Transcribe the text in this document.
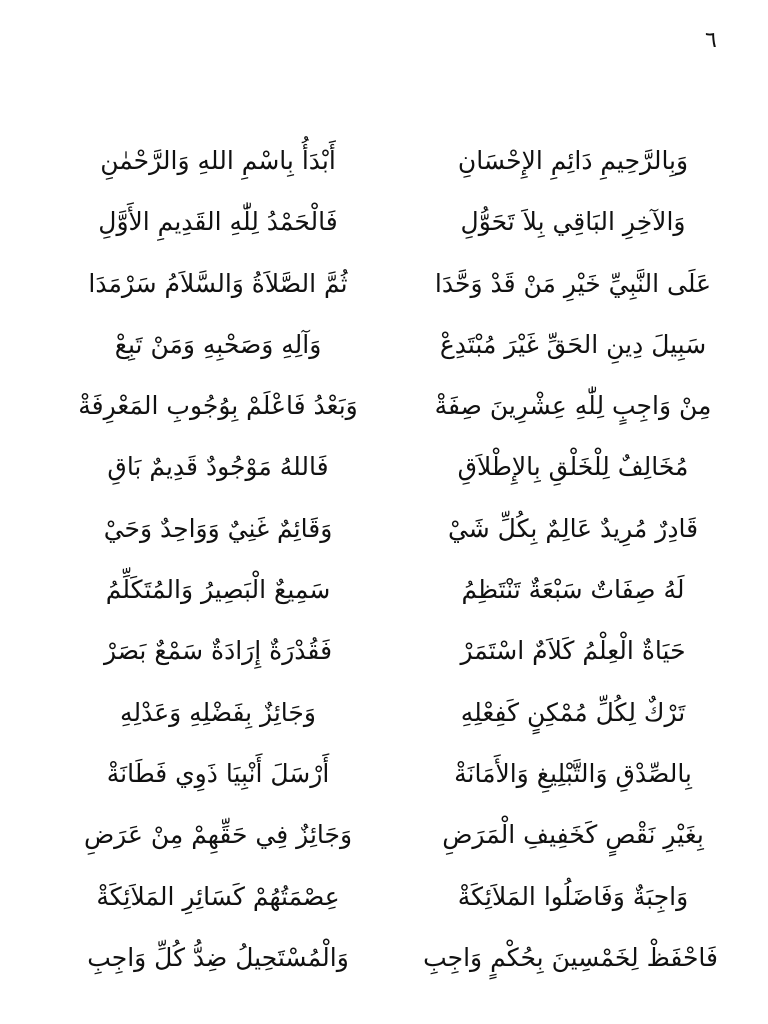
٦
أَبْدَأُ بِاسْمِ اللهِ وَالرَّحْمٰنِ	وَبِالرَّحِيمِ دَائِمِ الإِحْسَانِ
فَالْحَمْدُ لِلّٰهِ القَدِيمِ الأَوَّلِ	وَالآخِرِ البَاقِي بِلاَ تَحَوُّلِ
ثُمَّ الصَّلاَةُ وَالسَّلاَمُ سَرْمَدَا	عَلَى النَّبِيِّ خَيْرِ مَنْ قَدْ وَحَّدَا
وَآلِهِ وَصَحْبِهِ وَمَنْ تَبِعْ	سَبِيلَ دِينِ الحَقِّ غَيْرَ مُبْتَدِعْ
وَبَعْدُ فَاعْلَمْ بِوُجُوبِ المَعْرِفَةْ	مِنْ وَاجِبٍ لِلّٰهِ عِشْرِينَ صِفَةْ
فَاللهُ مَوْجُودٌ قَدِيمٌ بَاقِ	مُخَالِفٌ لِلْخَلْقِ بِالإِطْلاَقِ
وَقَائِمٌ غَنِيٌ وَوَاحِدٌ وَحَيْ	قَادِرٌ مُرِيدٌ عَالِمٌ بِكُلِّ شَيْ
سَمِيعٌ الْبَصِيرُ وَالمُتَكَلِّمُ	لَهُ صِفَاتٌ سَبْعَةٌ تَنْتَظِمُ
فَقُدْرَةٌ إِرَادَةٌ سَمْعٌ بَصَرْ	حَيَاةٌ الْعِلْمُ كَلاَمٌ اسْتَمَرْ
وَجَائِزٌ بِفَضْلِهِ وَعَدْلِهِ	تَرْكٌ لِكُلِّ مُمْكِنٍ كَفِعْلِهِ
أَرْسَلَ أَنْبِيَا ذَوِي فَطَانَةْ	بِالصِّدْقِ وَالتَّبْلِيغِ وَالأَمَانَةْ
وَجَائِزٌ فِي حَقِّهِمْ مِنْ عَرَضِ	بِغَيْرِ نَقْصٍ كَخَفِيفِ الْمَرَضِ
عِصْمَتُهُمْ كَسَائِرِ المَلاَئِكَةْ	وَاجِبَةٌ وَفَاضَلُوا المَلاَئِكَةْ
وَالْمُسْتَحِيلُ ضِدُّ كُلِّ وَاجِبِ	فَاحْفَظْ لِخَمْسِينَ بِحُكْمٍ وَاجِبِ
